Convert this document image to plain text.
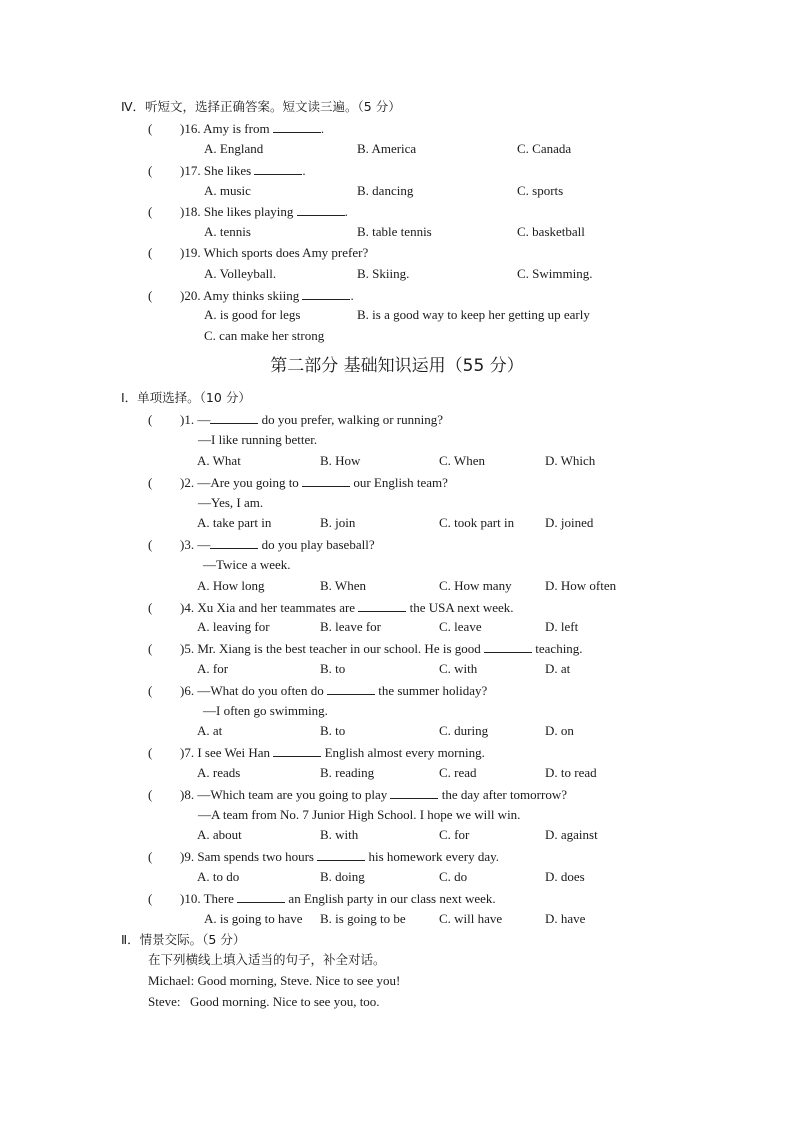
Ⅳ．听短文，选择正确答案。短文读三遍。（5 分）
( )16. Amy is from	.
A. England	B. America	C. Canada
( )17. She likes	.
A. music	B. dancing	C. sports
( )18. She likes playing	.
A. tennis	B. table tennis	C. basketball
( )19. Which sports does Amy prefer?
A. Volleyball.	B. Skiing.	C. Swimming.
( )20. Amy thinks skiing	.
A. is good for legs	B. is a good way to keep her getting up early
C. can make her strong
第二部分 基础知识运用（55 分）
Ⅰ．单项选择。（10 分）
( )1. —	do you prefer, walking or running?
—I like running better.
A. What	B. How	C. When	D. Which
( )2. —Are you going to	our English team?
—Yes, I am.
A. take part in	B. join	C. took part in D. joined
( )3. —	do you play baseball?
—Twice a week.
A. How long	B. When	C. How many	D. How often
( )4. Xu Xia and her teammates are	the USA next week.
A. leaving for	B. leave for	C. leave	D. left
( )5. Mr. Xiang is the best teacher in our school. He is good	teaching.
A. for	B. to	C. with	D. at
( )6. —What do you often do	the summer holiday?
—I often go swimming.
A. at	B. to	C. during	D. on
( )7. I see Wei Han	English almost every morning.
A. reads	B. reading	C. read	D. to read
( )8. —Which team are you going to play	the day after tomorrow?
—A team from No. 7 Junior High School. I hope we will win.
A. about	B. with	C. for	D. against
( )9. Sam spends two hours	his homework every day.
A. to do	B. doing	C. do	D. does
( )10. There	an English party in our class next week.
A. is going to have B. is going to be	C. will have	D. have
Ⅱ．情景交际。（5 分）
在下列横线上填入适当的句子，补全对话。
Michael: Good morning, Steve. Nice to see you!
Steve: Good morning. Nice to see you, too.
